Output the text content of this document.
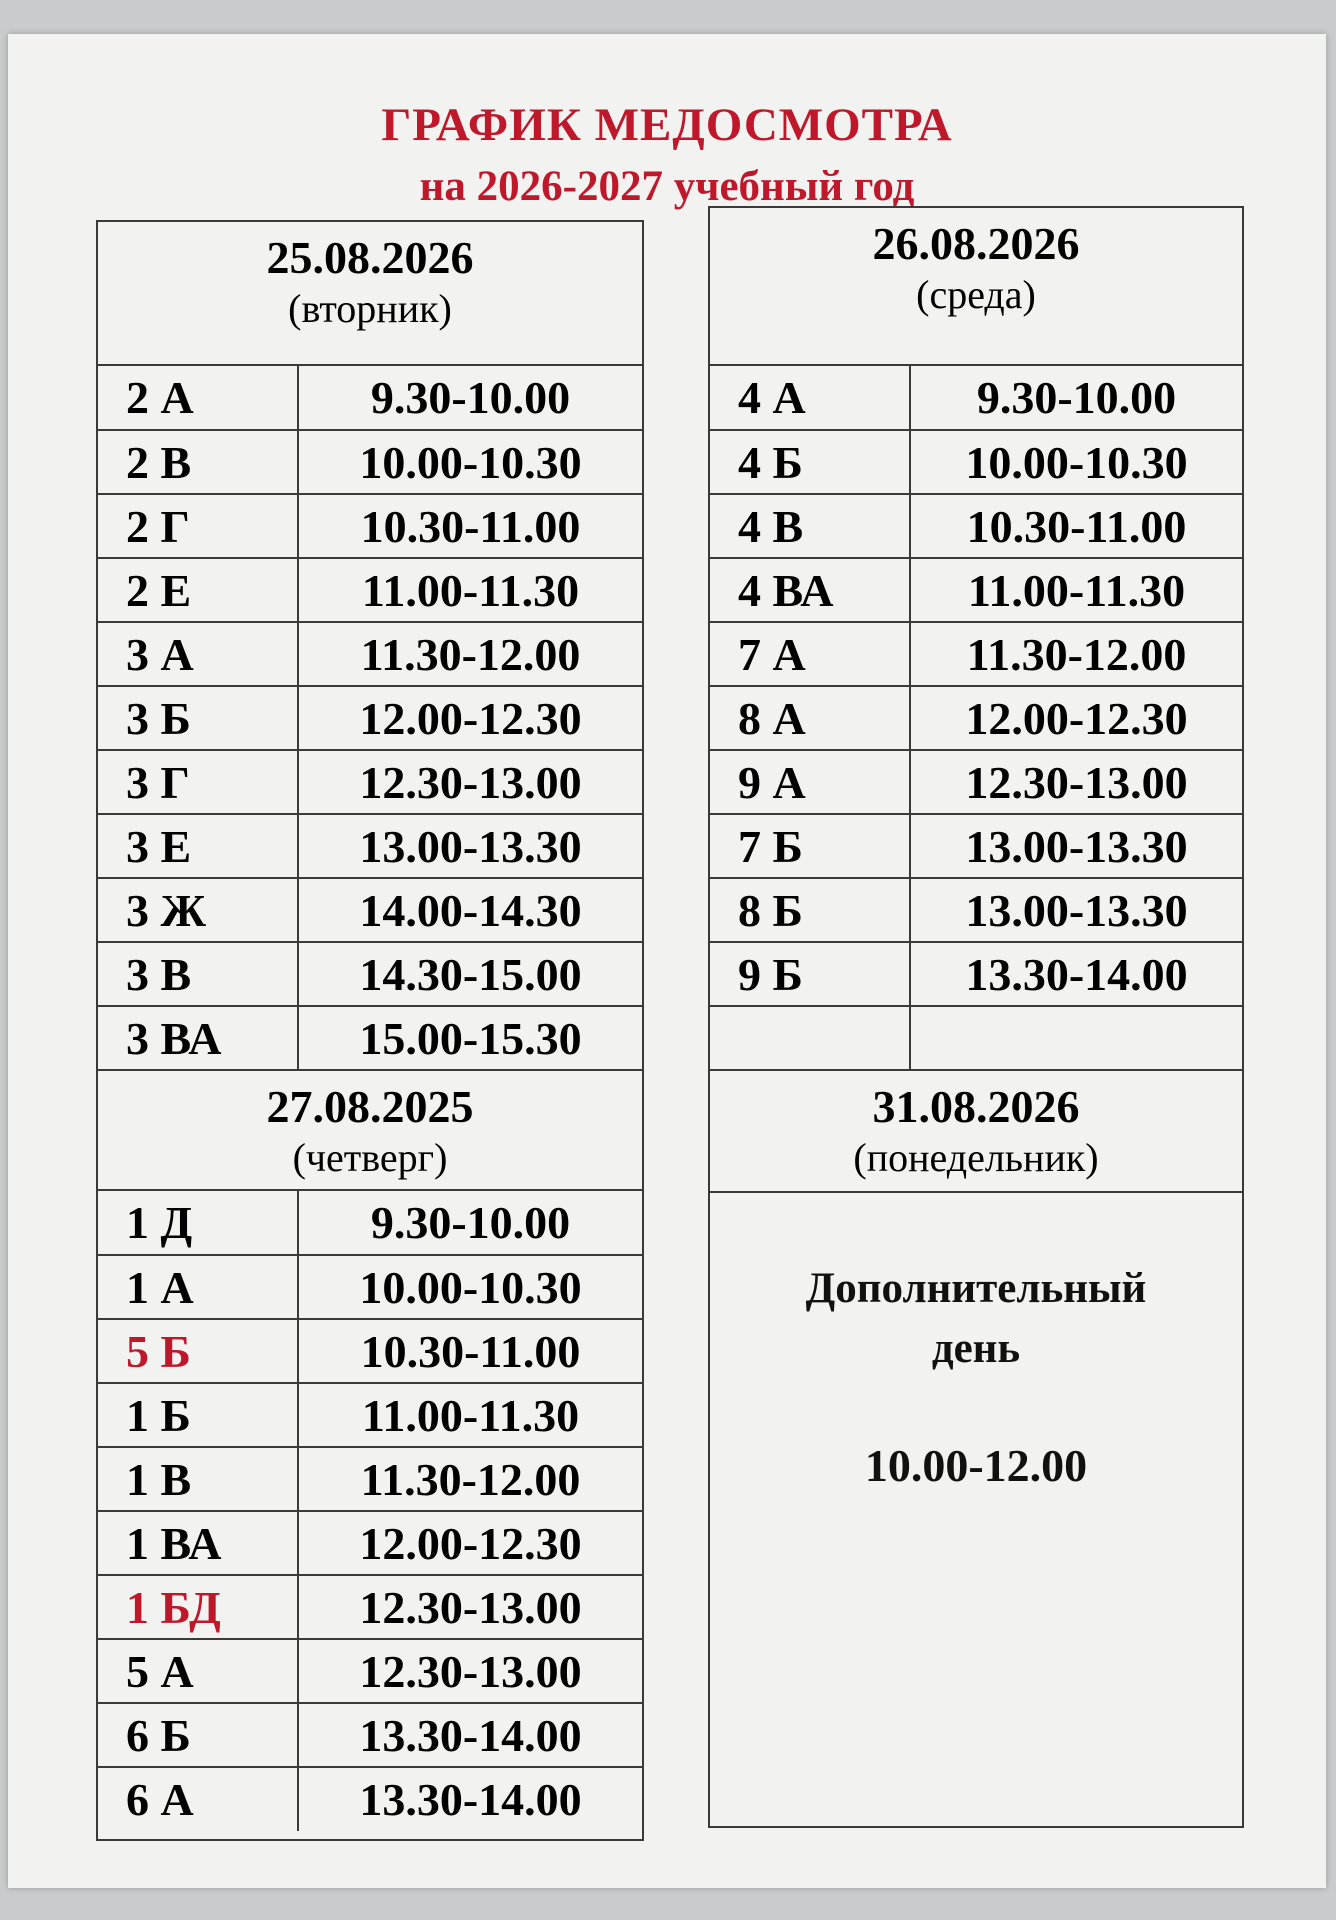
ГРАФИК МЕДОСМОТРА
на 2026-2027 учебный год
25.08.2026
(вторник)
2 А	9.30-10.00
2 В	10.00-10.30
2 Г	10.30-11.00
2 Е	11.00-11.30
3 А	11.30-12.00
3 Б	12.00-12.30
3 Г	12.30-13.00
3 Е	13.00-13.30
3 Ж	14.00-14.30
3 В	14.30-15.00
3 ВА	15.00-15.30
27.08.2025
(четверг)
1 Д	9.30-10.00
1 А	10.00-10.30
5 Б	10.30-11.00
1 Б	11.00-11.30
1 В	11.30-12.00
1 ВА	12.00-12.30
1 БД	12.30-13.00
5 А	12.30-13.00
6 Б	13.30-14.00
6 А	13.30-14.00
26.08.2026
(среда)
4 А	9.30-10.00
4 Б	10.00-10.30
4 В	10.30-11.00
4 ВА	11.00-11.30
7 А	11.30-12.00
8 А	12.00-12.30
9 А	12.30-13.00
7 Б	13.00-13.30
8 Б	13.00-13.30
9 Б	13.30-14.00

31.08.2026
(понедельник)
Дополнительный
день
10.00-12.00
